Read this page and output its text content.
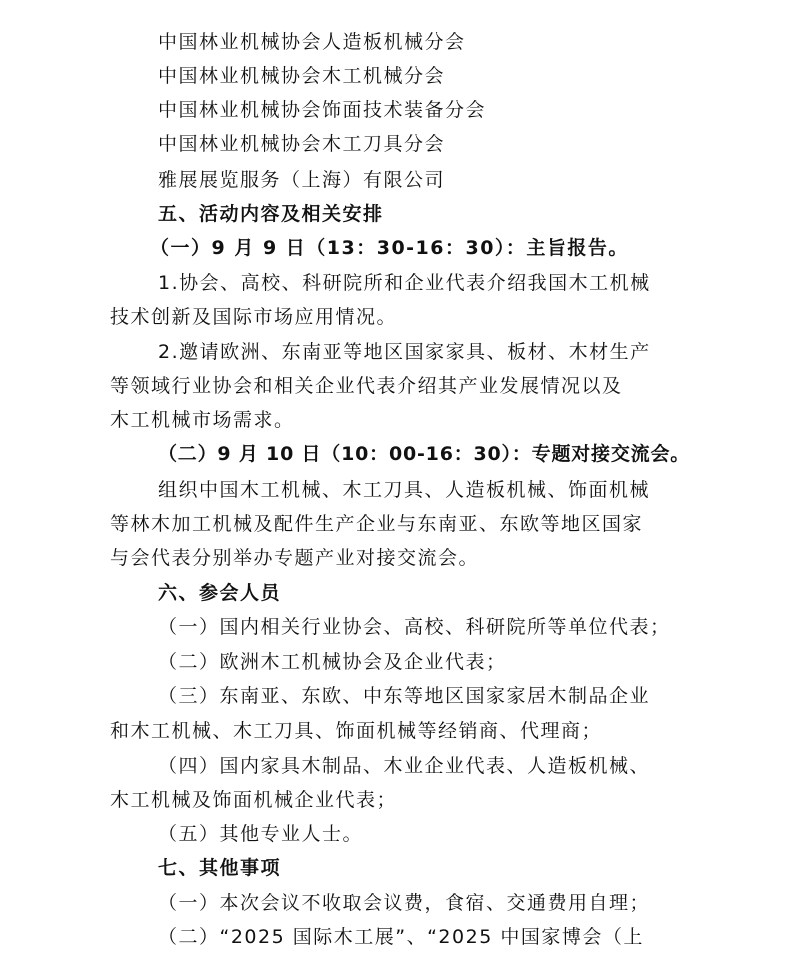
中国林业机械协会人造板机械分会
中国林业机械协会木工机械分会
中国林业机械协会饰面技术装备分会
中国林业机械协会木工刀具分会
雅展展览服务（上海）有限公司
五、活动内容及相关安排
（一）9 月 9 日（13：30-16：30）：主旨报告。
1.协会、高校、科研院所和企业代表介绍我国木工机械
技术创新及国际市场应用情况。
2.邀请欧洲、东南亚等地区国家家具、板材、木材生产
等领域行业协会和相关企业代表介绍其产业发展情况以及
木工机械市场需求。
（二）9 月 10 日（10：00-16：30）：专题对接交流会。
组织中国木工机械、木工刀具、人造板机械、饰面机械
等林木加工机械及配件生产企业与东南亚、东欧等地区国家
与会代表分别举办专题产业对接交流会。
六、参会人员
（一）国内相关行业协会、高校、科研院所等单位代表；
（二）欧洲木工机械协会及企业代表；
（三）东南亚、东欧、中东等地区国家家居木制品企业
和木工机械、木工刀具、饰面机械等经销商、代理商；
（四）国内家具木制品、木业企业代表、人造板机械、
木工机械及饰面机械企业代表；
（五）其他专业人士。
七、其他事项
（一）本次会议不收取会议费，食宿、交通费用自理；
（二）“2025 国际木工展”、“2025 中国家博会（上
